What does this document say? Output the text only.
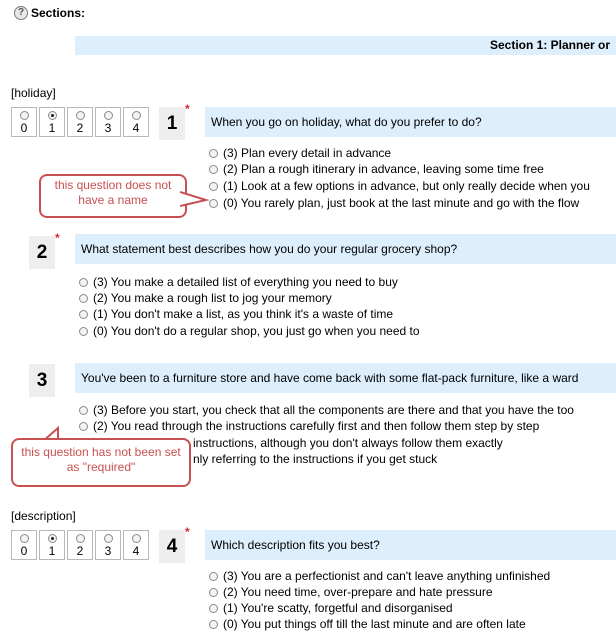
? Sections:
Section 1: Planner or
[holiday]
0 1 2 3 4	1
*
When you go on holiday, what do you prefer to do?
(3) Plan every detail in advance
(2) Plan a rough itinerary in advance, leaving some time free
(1) Look at a few options in advance, but only really decide when you
(0) You rarely plan, just book at the last minute and go with the flow
this question does not have a name
2
*
What statement best describes how you do your regular grocery shop?
(3) You make a detailed list of everything you need to buy
(2) You make a rough list to jog your memory
(1) You don't make a list, as you think it's a waste of time
(0) You don't do a regular shop, you just go when you need to
3	You've been to a furniture store and have come back with some flat-pack furniture, like a ward
(3) Before you start, you check that all the components are there and that you have the too
(2) You read through the instructions carefully first and then follow them step by step
instructions, although you don't always follow them exactly
nly referring to the instructions if you get stuck
this question has not been set as "required"
[description]
0 1 2 3 4	4
*
Which description fits you best?
(3) You are a perfectionist and can't leave anything unfinished
(2) You need time, over-prepare and hate pressure
(1) You're scatty, forgetful and disorganised
(0) You put things off till the last minute and are often late
